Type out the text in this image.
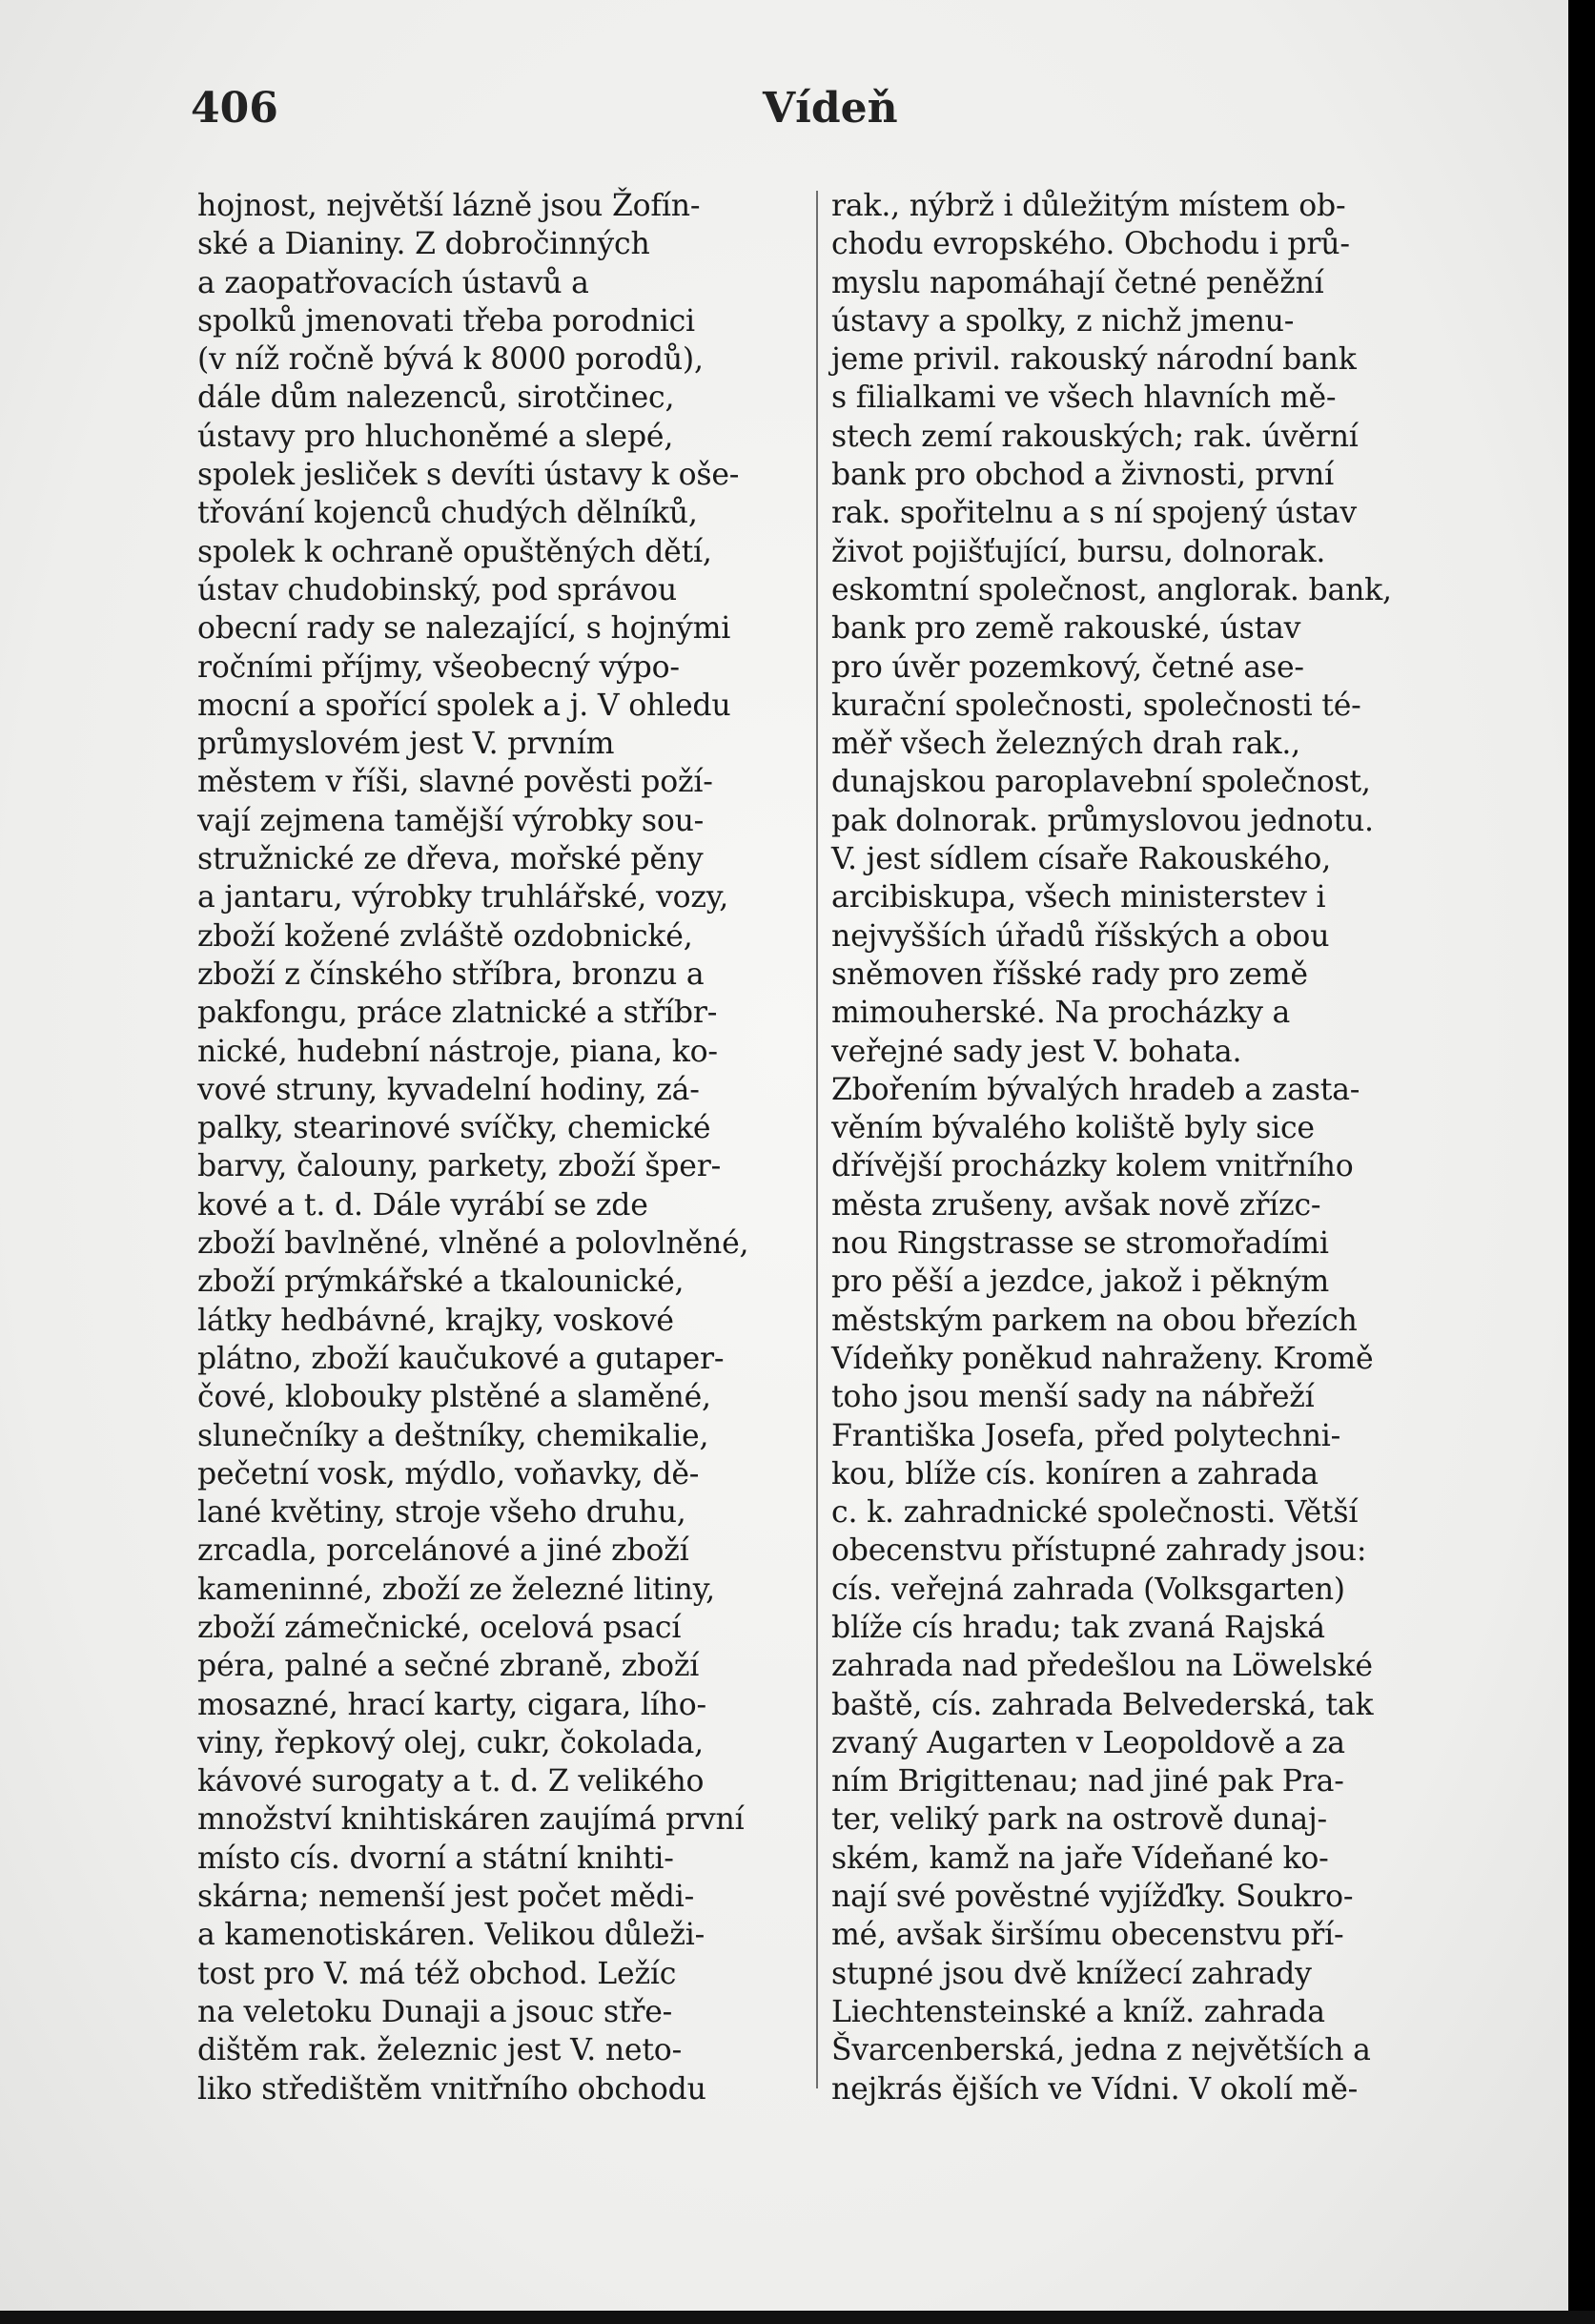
406	Vídeň
hojnost, největší lázně jsou Žofín-
ské a Dianiny. Z dobročinných
a zaopatřovacích ústavů a
spolků jmenovati třeba porodnici
(v níž ročně bývá k 8000 porodů),
dále dům nalezenců, sirotčinec,
ústavy pro hluchoněmé a slepé,
spolek jesliček s devíti ústavy k oše-
třování kojenců chudých dělníků,
spolek k ochraně opuštěných dětí,
ústav chudobinský, pod správou
obecní rady se nalezající, s hojnými
ročními příjmy, všeobecný výpo-
mocní a spořící spolek a j. V ohledu
průmyslovém jest V. prvním
městem v říši, slavné pověsti poží-
vají zejmena tamější výrobky sou-
stružnické ze dřeva, mořské pěny
a jantaru, výrobky truhlářské, vozy,
zboží kožené zvláště ozdobnické,
zboží z čínského stříbra, bronzu a
pakfongu, práce zlatnické a stříbr-
nické, hudební nástroje, piana, ko-
vové struny, kyvadelní hodiny, zá-
palky, stearinové svíčky, chemické
barvy, čalouny, parkety, zboží šper-
kové a t. d. Dále vyrábí se zde
zboží bavlněné, vlněné a polovlněné,
zboží prýmkářské a tkalounické,
látky hedbávné, krajky, voskové
plátno, zboží kaučukové a gutaper-
čové, klobouky plstěné a slaměné,
slunečníky a deštníky, chemikalie,
pečetní vosk, mýdlo, voňavky, dě-
lané květiny, stroje všeho druhu,
zrcadla, porcelánové a jiné zboží
kameninné, zboží ze železné litiny,
zboží zámečnické, ocelová psací
péra, palné a sečné zbraně, zboží
mosazné, hrací karty, cigara, lího-
viny, řepkový olej, cukr, čokolada,
kávové surogaty a t. d. Z velikého
množství knihtiskáren zaujímá první
místo cís. dvorní a státní knihti-
skárna; nemenší jest počet mědi-
a kamenotiskáren. Velikou důleži-
tost pro V. má též obchod. Ležíc
na veletoku Dunaji a jsouc stře-
dištěm rak. železnic jest V. neto-
liko středištěm vnitřního obchodu
rak., nýbrž i důležitým místem ob-
chodu evropského. Obchodu i prů-
myslu napomáhají četné peněžní
ústavy a spolky, z nichž jmenu-
jeme privil. rakouský národní bank
s filialkami ve všech hlavních mě-
stech zemí rakouských; rak. úvěrní
bank pro obchod a živnosti, první
rak. spořitelnu a s ní spojený ústav
život pojišťující, bursu, dolnorak.
eskomtní společnost, anglorak. bank,
bank pro země rakouské, ústav
pro úvěr pozemkový, četné ase-
kurační společnosti, společnosti té-
měř všech železných drah rak.,
dunajskou paroplavební společnost,
pak dolnorak. průmyslovou jednotu.
V. jest sídlem císaře Rakouského,
arcibiskupa, všech ministerstev i
nejvyšších úřadů říšských a obou
sněmoven říšské rady pro země
mimouherské. Na procházky a
veřejné sady jest V. bohata.
Zbořením bývalých hradeb a zasta-
věním bývalého koliště byly sice
dřívější procházky kolem vnitřního
města zrušeny, avšak nově zřízc-
nou Ringstrasse se stromořadími
pro pěší a jezdce, jakož i pěkným
městským parkem na obou březích
Vídeňky poněkud nahraženy. Kromě
toho jsou menší sady na nábřeží
Františka Josefa, před polytechni-
kou, blíže cís. koníren a zahrada
c. k. zahradnické společnosti. Větší
obecenstvu přístupné zahrady jsou:
cís. veřejná zahrada (Volksgarten)
blíže cís hradu; tak zvaná Rajská
zahrada nad předešlou na Löwelské
baště, cís. zahrada Belvederská, tak
zvaný Augarten v Leopoldově a za
ním Brigittenau; nad jiné pak Pra-
ter, veliký park na ostrově dunaj-
ském, kamž na jaře Vídeňané ko-
nají své pověstné vyjížďky. Soukro-
mé, avšak širšímu obecenstvu pří-
stupné jsou dvě knížecí zahrady
Liechtensteinské a kníž. zahrada
Švarcenberská, jedna z největších a
nejkrás ějších ve Vídni. V okolí mě-
